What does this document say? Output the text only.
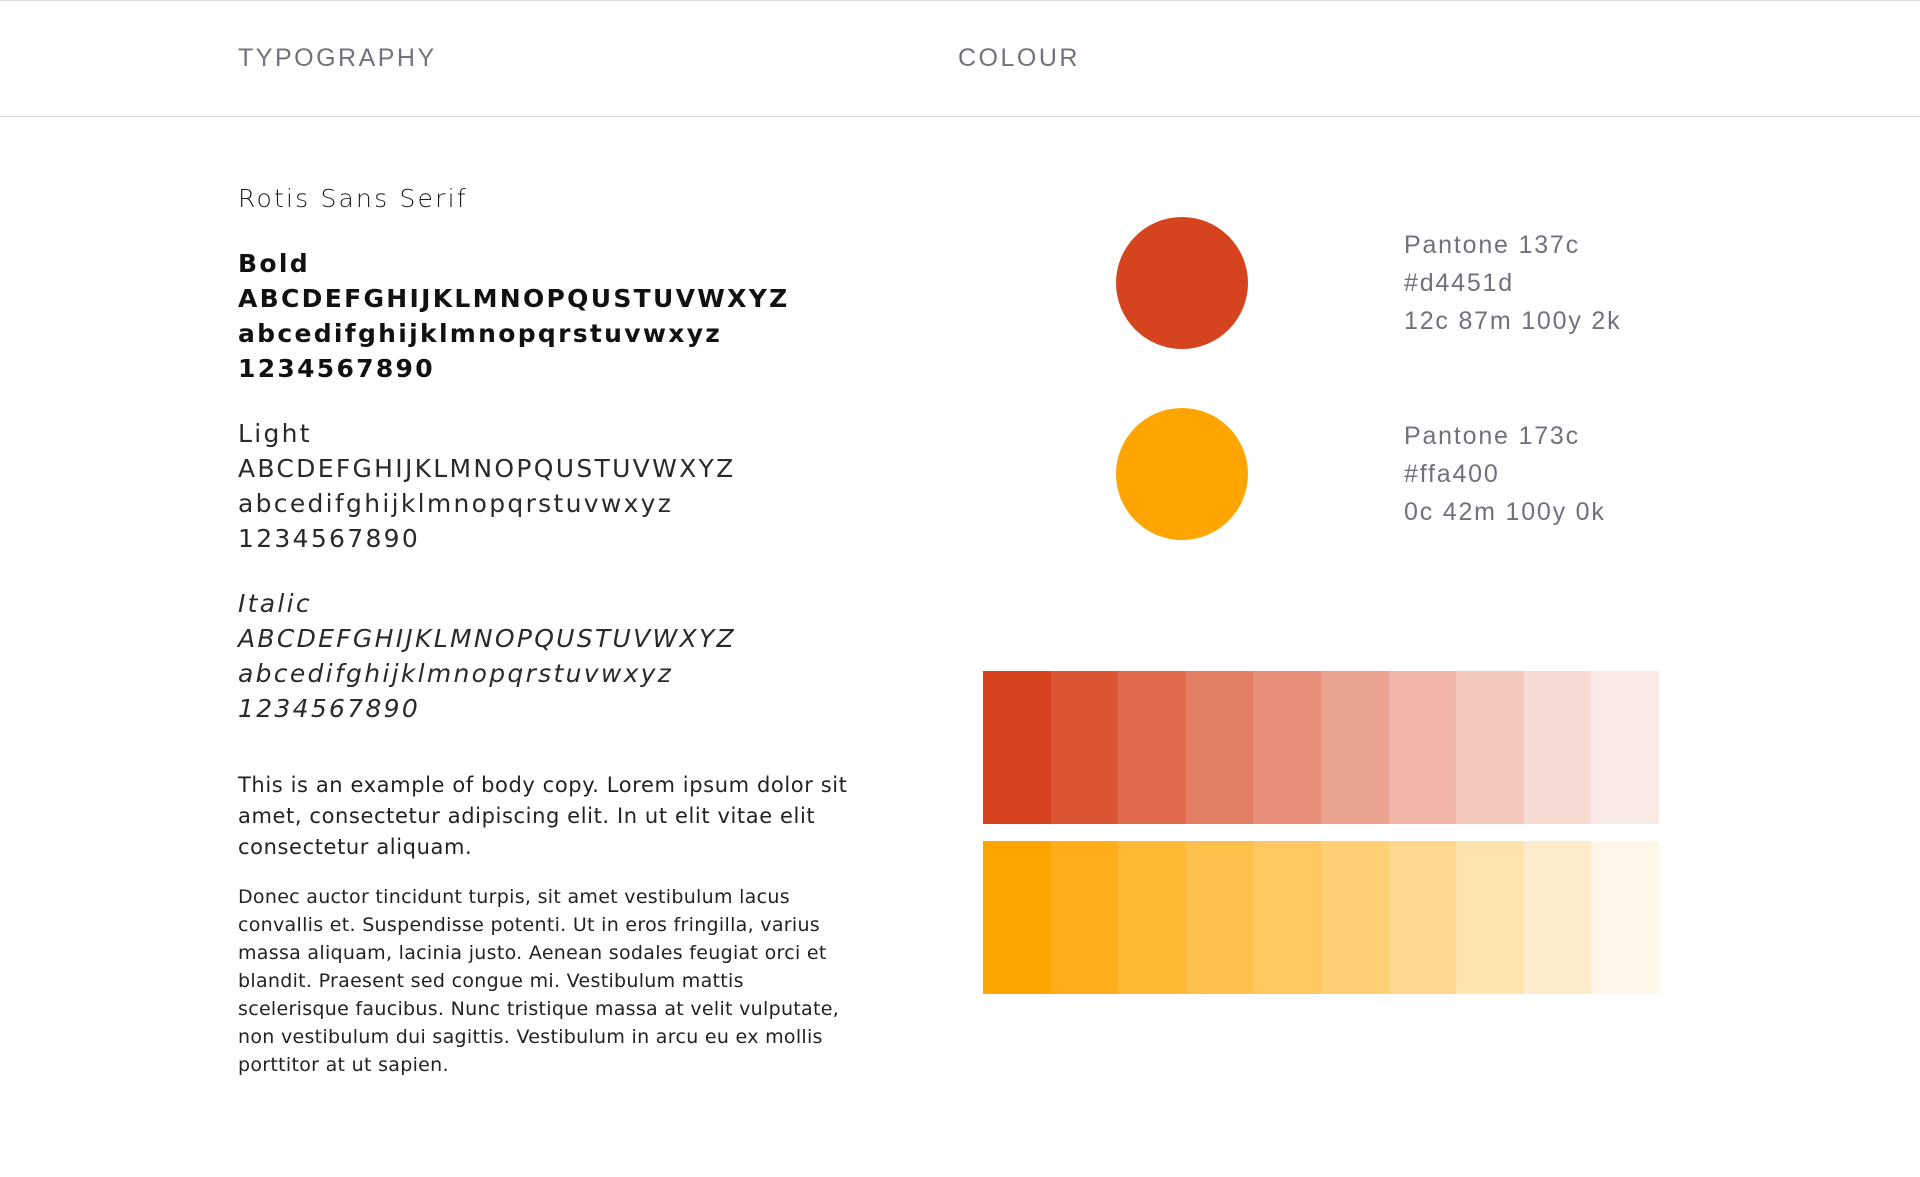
TYPOGRAPHY	COLOUR
Rotis Sans Serif
Bold
ABCDEFGHIJKLMNOPQUSTUVWXYZ
abcedifghijklmnopqrstuvwxyz
1234567890
Light
ABCDEFGHIJKLMNOPQUSTUVWXYZ
abcedifghijklmnopqrstuvwxyz
1234567890
Italic
ABCDEFGHIJKLMNOPQUSTUVWXYZ
abcedifghijklmnopqrstuvwxyz
1234567890
This is an example of body copy. Lorem ipsum dolor sit amet, consectetur adipiscing elit. In ut elit vitae elit consectetur aliquam.
Donec auctor tincidunt turpis, sit amet vestibulum lacus convallis et. Suspendisse potenti. Ut in eros fringilla, varius massa aliquam, lacinia justo. Aenean sodales feugiat orci et blandit. Praesent sed congue mi. Vestibulum mattis scelerisque faucibus. Nunc tristique massa at velit vulputate, non vestibulum dui sagittis. Vestibulum in arcu eu ex mollis porttitor at ut sapien.
Pantone 137c
#d4451d
12c 87m 100y 2k
Pantone 173c
#ffa400
0c 42m 100y 0k
